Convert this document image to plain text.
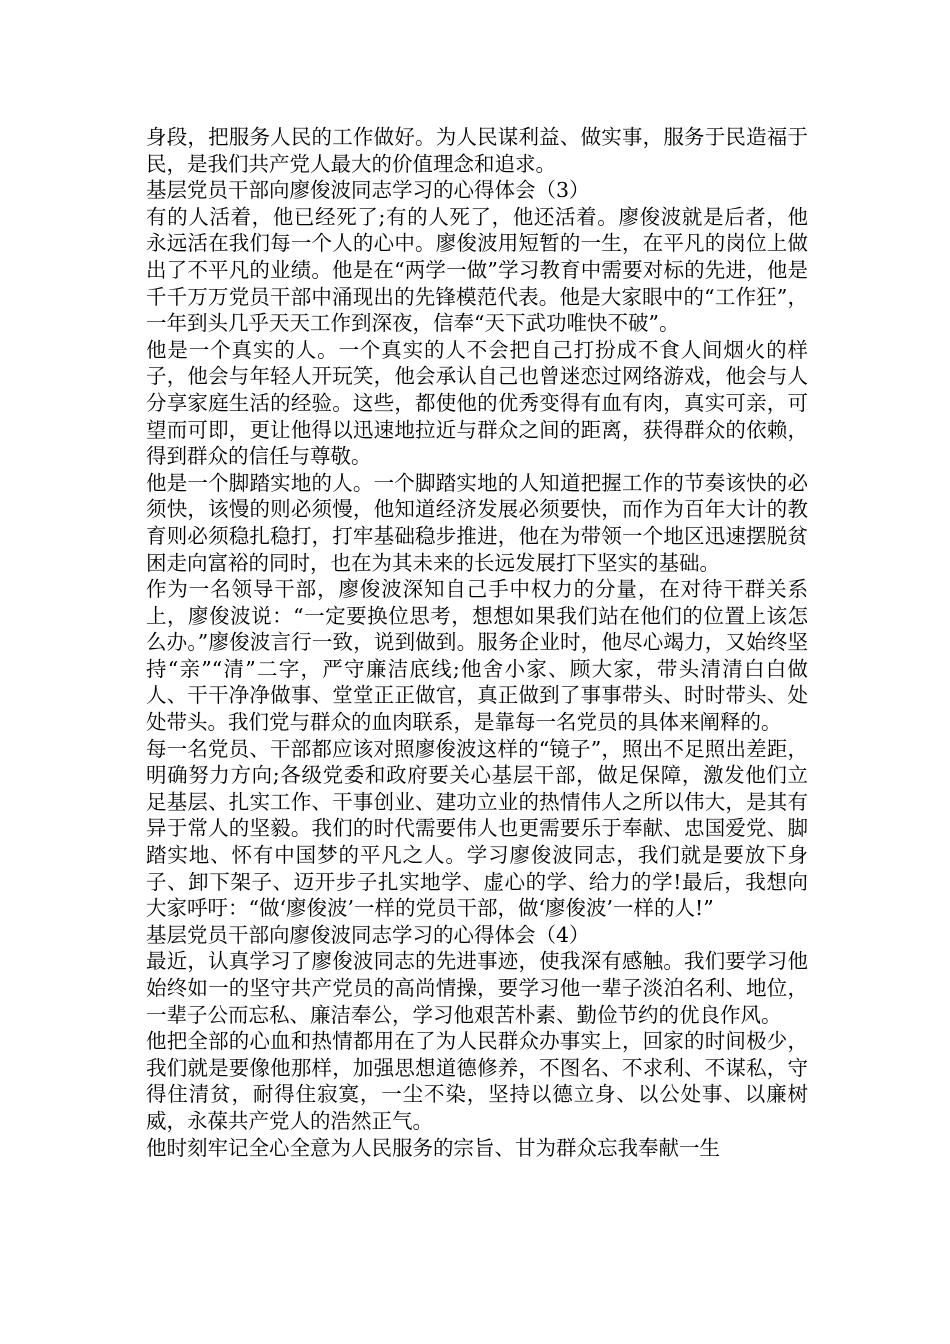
身段，把服务人民的工作做好。为人民谋利益、做实事，服务于民造福于民，是我们共产党人最大的价值理念和追求。

基层党员干部向廖俊波同志学习的心得体会（3）

有的人活着，他已经死了;有的人死了，他还活着。廖俊波就是后者，他永远活在我们每一个人的心中。廖俊波用短暂的一生，在平凡的岗位上做出了不平凡的业绩。他是在“两学一做”学习教育中需要对标的先进，他是千千万万党员干部中涌现出的先锋模范代表。他是大家眼中的“工作狂”，一年到头几乎天天工作到深夜，信奉“天下武功唯快不破”。

他是一个真实的人。一个真实的人不会把自己打扮成不食人间烟火的样子，他会与年轻人开玩笑，他会承认自己也曾迷恋过网络游戏，他会与人分享家庭生活的经验。这些，都使他的优秀变得有血有肉，真实可亲，可望而可即，更让他得以迅速地拉近与群众之间的距离，获得群众的依赖，得到群众的信任与尊敬。

他是一个脚踏实地的人。一个脚踏实地的人知道把握工作的节奏该快的必须快，该慢的则必须慢，他知道经济发展必须要快，而作为百年大计的教育则必须稳扎稳打，打牢基础稳步推进，他在为带领一个地区迅速摆脱贫困走向富裕的同时，也在为其未来的长远发展打下坚实的基础。

作为一名领导干部，廖俊波深知自己手中权力的分量，在对待干群关系上，廖俊波说：“一定要换位思考，想想如果我们站在他们的位置上该怎么办。”廖俊波言行一致，说到做到。服务企业时，他尽心竭力，又始终坚持“亲”“清”二字，严守廉洁底线;他舍小家、顾大家，带头清清白白做人、干干净净做事、堂堂正正做官，真正做到了事事带头、时时带头、处处带头。我们党与群众的血肉联系，是靠每一名党员的具体来阐释的。

每一名党员、干部都应该对照廖俊波这样的“镜子”，照出不足照出差距，明确努力方向;各级党委和政府要关心基层干部，做足保障，激发他们立足基层、扎实工作、干事创业、建功立业的热情伟人之所以伟大，是其有异于常人的坚毅。我们的时代需要伟人也更需要乐于奉献、忠国爱党、脚踏实地、怀有中国梦的平凡之人。学习廖俊波同志，我们就是要放下身子、卸下架子、迈开步子扎实地学、虚心的学、给力的学!最后，我想向大家呼吁：“做‘廖俊波’一样的党员干部，做‘廖俊波’一样的人!”

基层党员干部向廖俊波同志学习的心得体会（4）

最近，认真学习了廖俊波同志的先进事迹，使我深有感触。我们要学习他始终如一的坚守共产党员的高尚情操，要学习他一辈子淡泊名利、地位，一辈子公而忘私、廉洁奉公，学习他艰苦朴素、勤俭节约的优良作风。

他把全部的心血和热情都用在了为人民群众办事实上，回家的时间极少，我们就是要像他那样，加强思想道德修养，不图名、不求利、不谋私，守得住清贫，耐得住寂寞，一尘不染，坚持以德立身、以公处事、以廉树威，永葆共产党人的浩然正气。

他时刻牢记全心全意为人民服务的宗旨、甘为群众忘我奉献一生
